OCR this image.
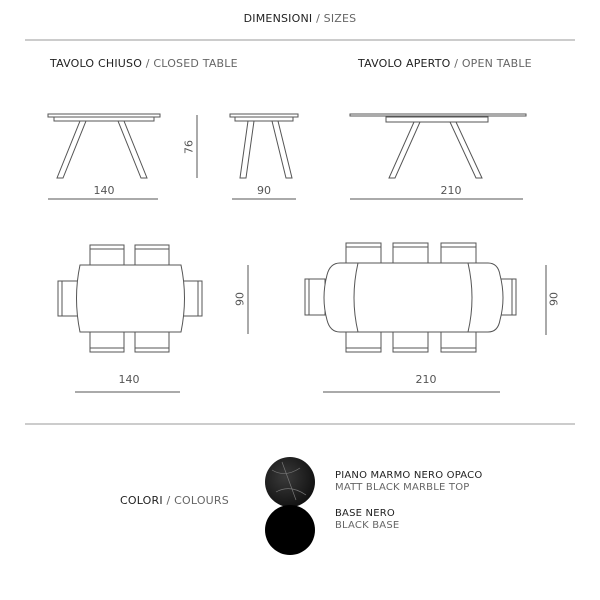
DIMENSIONI / SIZES
TAVOLO CHIUSO / CLOSED TABLE	TAVOLO APERTO / OPEN TABLE
140	90	210
76
90	90
140	210
COLORI / COLOURS
PIANO MARMO NERO OPACO
MATT BLACK MARBLE TOP
BASE NERO
BLACK BASE
